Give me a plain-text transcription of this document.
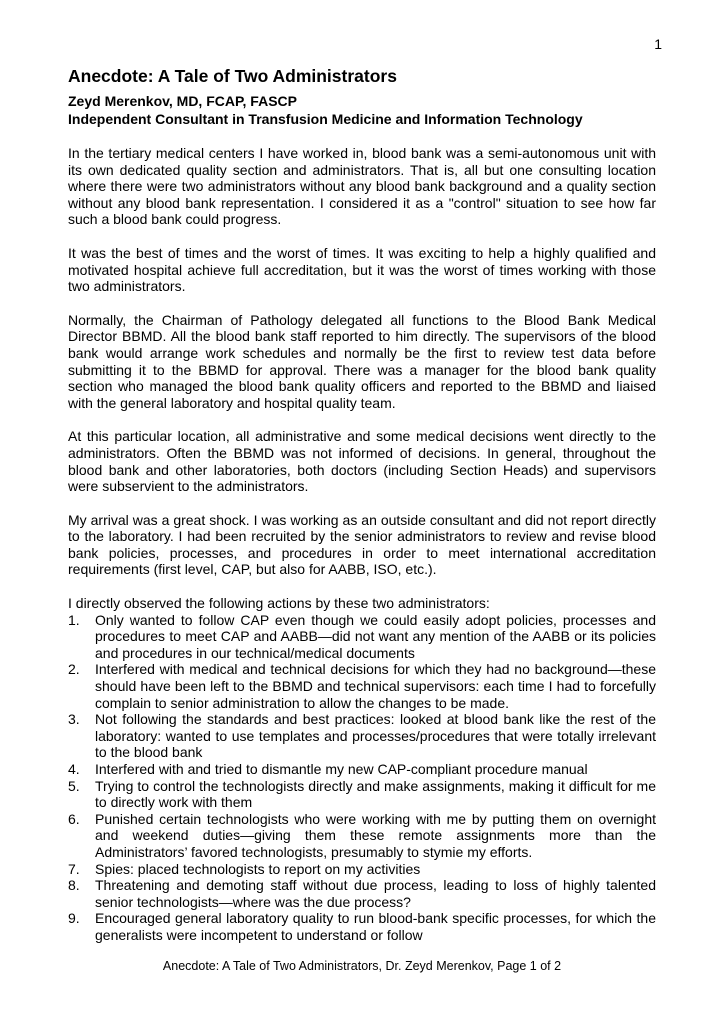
1
Anecdote: A Tale of Two Administrators
Zeyd Merenkov, MD, FCAP, FASCP
Independent Consultant in Transfusion Medicine and Information Technology

In the tertiary medical centers I have worked in, blood bank was a semi-autonomous unit with its own dedicated quality section and administrators. That is, all but one consulting location where there were two administrators without any blood bank background and a quality section without any blood bank representation. I considered it as a "control" situation to see how far such a blood bank could progress.

It was the best of times and the worst of times. It was exciting to help a highly qualified and motivated hospital achieve full accreditation, but it was the worst of times working with those two administrators.

Normally, the Chairman of Pathology delegated all functions to the Blood Bank Medical Director BBMD. All the blood bank staff reported to him directly. The supervisors of the blood bank would arrange work schedules and normally be the first to review test data before submitting it to the BBMD for approval. There was a manager for the blood bank quality section who managed the blood bank quality officers and reported to the BBMD and liaised with the general laboratory and hospital quality team.

At this particular location, all administrative and some medical decisions went directly to the administrators. Often the BBMD was not informed of decisions. In general, throughout the blood bank and other laboratories, both doctors (including Section Heads) and supervisors were subservient to the administrators.

My arrival was a great shock. I was working as an outside consultant and did not report directly to the laboratory. I had been recruited by the senior administrators to review and revise blood bank policies, processes, and procedures in order to meet international accreditation requirements (first level, CAP, but also for AABB, ISO, etc.).

I directly observed the following actions by these two administrators:
1.	Only wanted to follow CAP even though we could easily adopt policies, processes and procedures to meet CAP and AABB—did not want any mention of the AABB or its policies and procedures in our technical/medical documents
2.	Interfered with medical and technical decisions for which they had no background—these should have been left to the BBMD and technical supervisors: each time I had to forcefully complain to senior administration to allow the changes to be made.
3.	Not following the standards and best practices: looked at blood bank like the rest of the laboratory: wanted to use templates and processes/procedures that were totally irrelevant to the blood bank
4.	Interfered with and tried to dismantle my new CAP-compliant procedure manual
5.	Trying to control the technologists directly and make assignments, making it difficult for me to directly work with them
6.	Punished certain technologists who were working with me by putting them on overnight and weekend duties—giving them these remote assignments more than the Administrators’ favored technologists, presumably to stymie my efforts.
7.	Spies: placed technologists to report on my activities
8.	Threatening and demoting staff without due process, leading to loss of highly talented senior technologists—where was the due process?
9.	Encouraged general laboratory quality to run blood-bank specific processes, for which the generalists were incompetent to understand or follow
Anecdote: A Tale of Two Administrators, Dr. Zeyd Merenkov, Page 1 of 2
